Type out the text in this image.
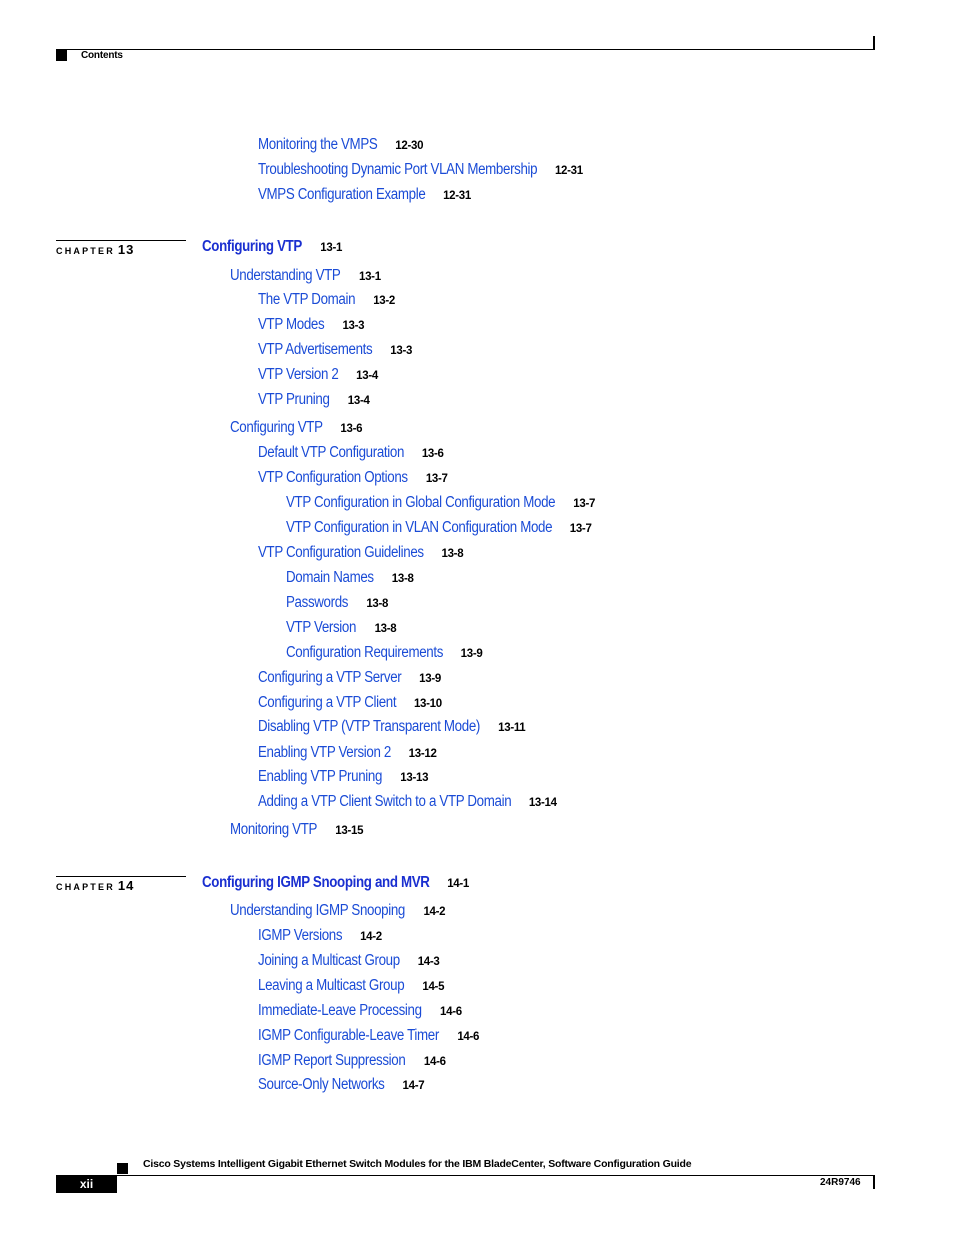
Contents
Monitoring the VMPS 12-30
Troubleshooting Dynamic Port VLAN Membership 12-31
VMPS Configuration Example 12-31
Configuring VTP 13-1
CHAPTER 13
Understanding VTP 13-1
The VTP Domain 13-2
VTP Modes 13-3
VTP Advertisements 13-3
VTP Version 2 13-4
VTP Pruning 13-4
Configuring VTP 13-6
Default VTP Configuration 13-6
VTP Configuration Options 13-7
VTP Configuration in Global Configuration Mode 13-7
VTP Configuration in VLAN Configuration Mode 13-7
VTP Configuration Guidelines 13-8
Domain Names 13-8
Passwords 13-8
VTP Version 13-8
Configuration Requirements 13-9
Configuring a VTP Server 13-9
Configuring a VTP Client 13-10
Disabling VTP (VTP Transparent Mode) 13-11
Enabling VTP Version 2 13-12
Enabling VTP Pruning 13-13
Adding a VTP Client Switch to a VTP Domain 13-14
Monitoring VTP 13-15
Configuring IGMP Snooping and MVR 14-1
CHAPTER 14
Understanding IGMP Snooping 14-2
IGMP Versions 14-2
Joining a Multicast Group 14-3
Leaving a Multicast Group 14-5
Immediate-Leave Processing 14-6
IGMP Configurable-Leave Timer 14-6
IGMP Report Suppression 14-6
Source-Only Networks 14-7
Cisco Systems Intelligent Gigabit Ethernet Switch Modules for the IBM BladeCenter, Software Configuration Guide
xii	24R9746
